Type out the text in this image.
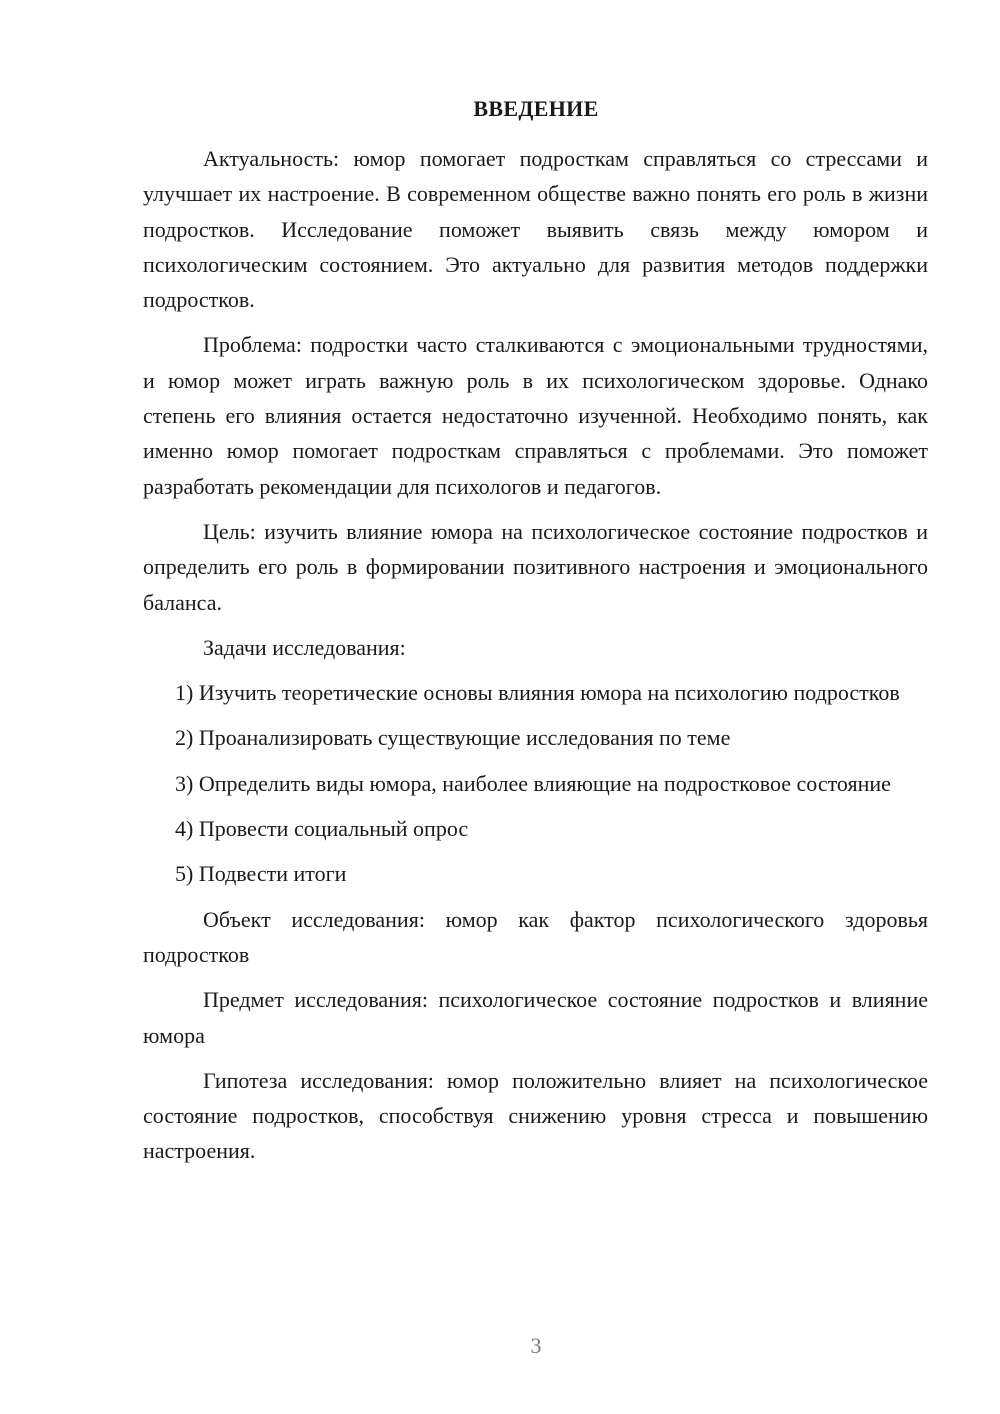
ВВЕДЕНИЕ

Актуальность: юмор помогает подросткам справляться со стрессами и улучшает их настроение. В современном обществе важно понять его роль в жизни подростков. Исследование поможет выявить связь между юмором и психологическим состоянием. Это актуально для развития методов поддержки подростков.

Проблема: подростки часто сталкиваются с эмоциональными трудностями, и юмор может играть важную роль в их психологическом здоровье. Однако степень его влияния остается недостаточно изученной. Необходимо понять, как именно юмор помогает подросткам справляться с проблемами. Это поможет разработать рекомендации для психологов и педагогов.

Цель: изучить влияние юмора на психологическое состояние подростков и определить его роль в формировании позитивного настроения и эмоционального баланса.

Задачи исследования:

1) Изучить теоретические основы влияния юмора на психологию подростков

2) Проанализировать существующие исследования по теме

3) Определить виды юмора, наиболее влияющие на подростковое состояние

4) Провести социальный опрос

5) Подвести итоги

Объект исследования: юмор как фактор психологического здоровья подростков

Предмет исследования: психологическое состояние подростков и влияние юмора

Гипотеза исследования: юмор положительно влияет на психологическое состояние подростков, способствуя снижению уровня стресса и повышению настроения.

3
